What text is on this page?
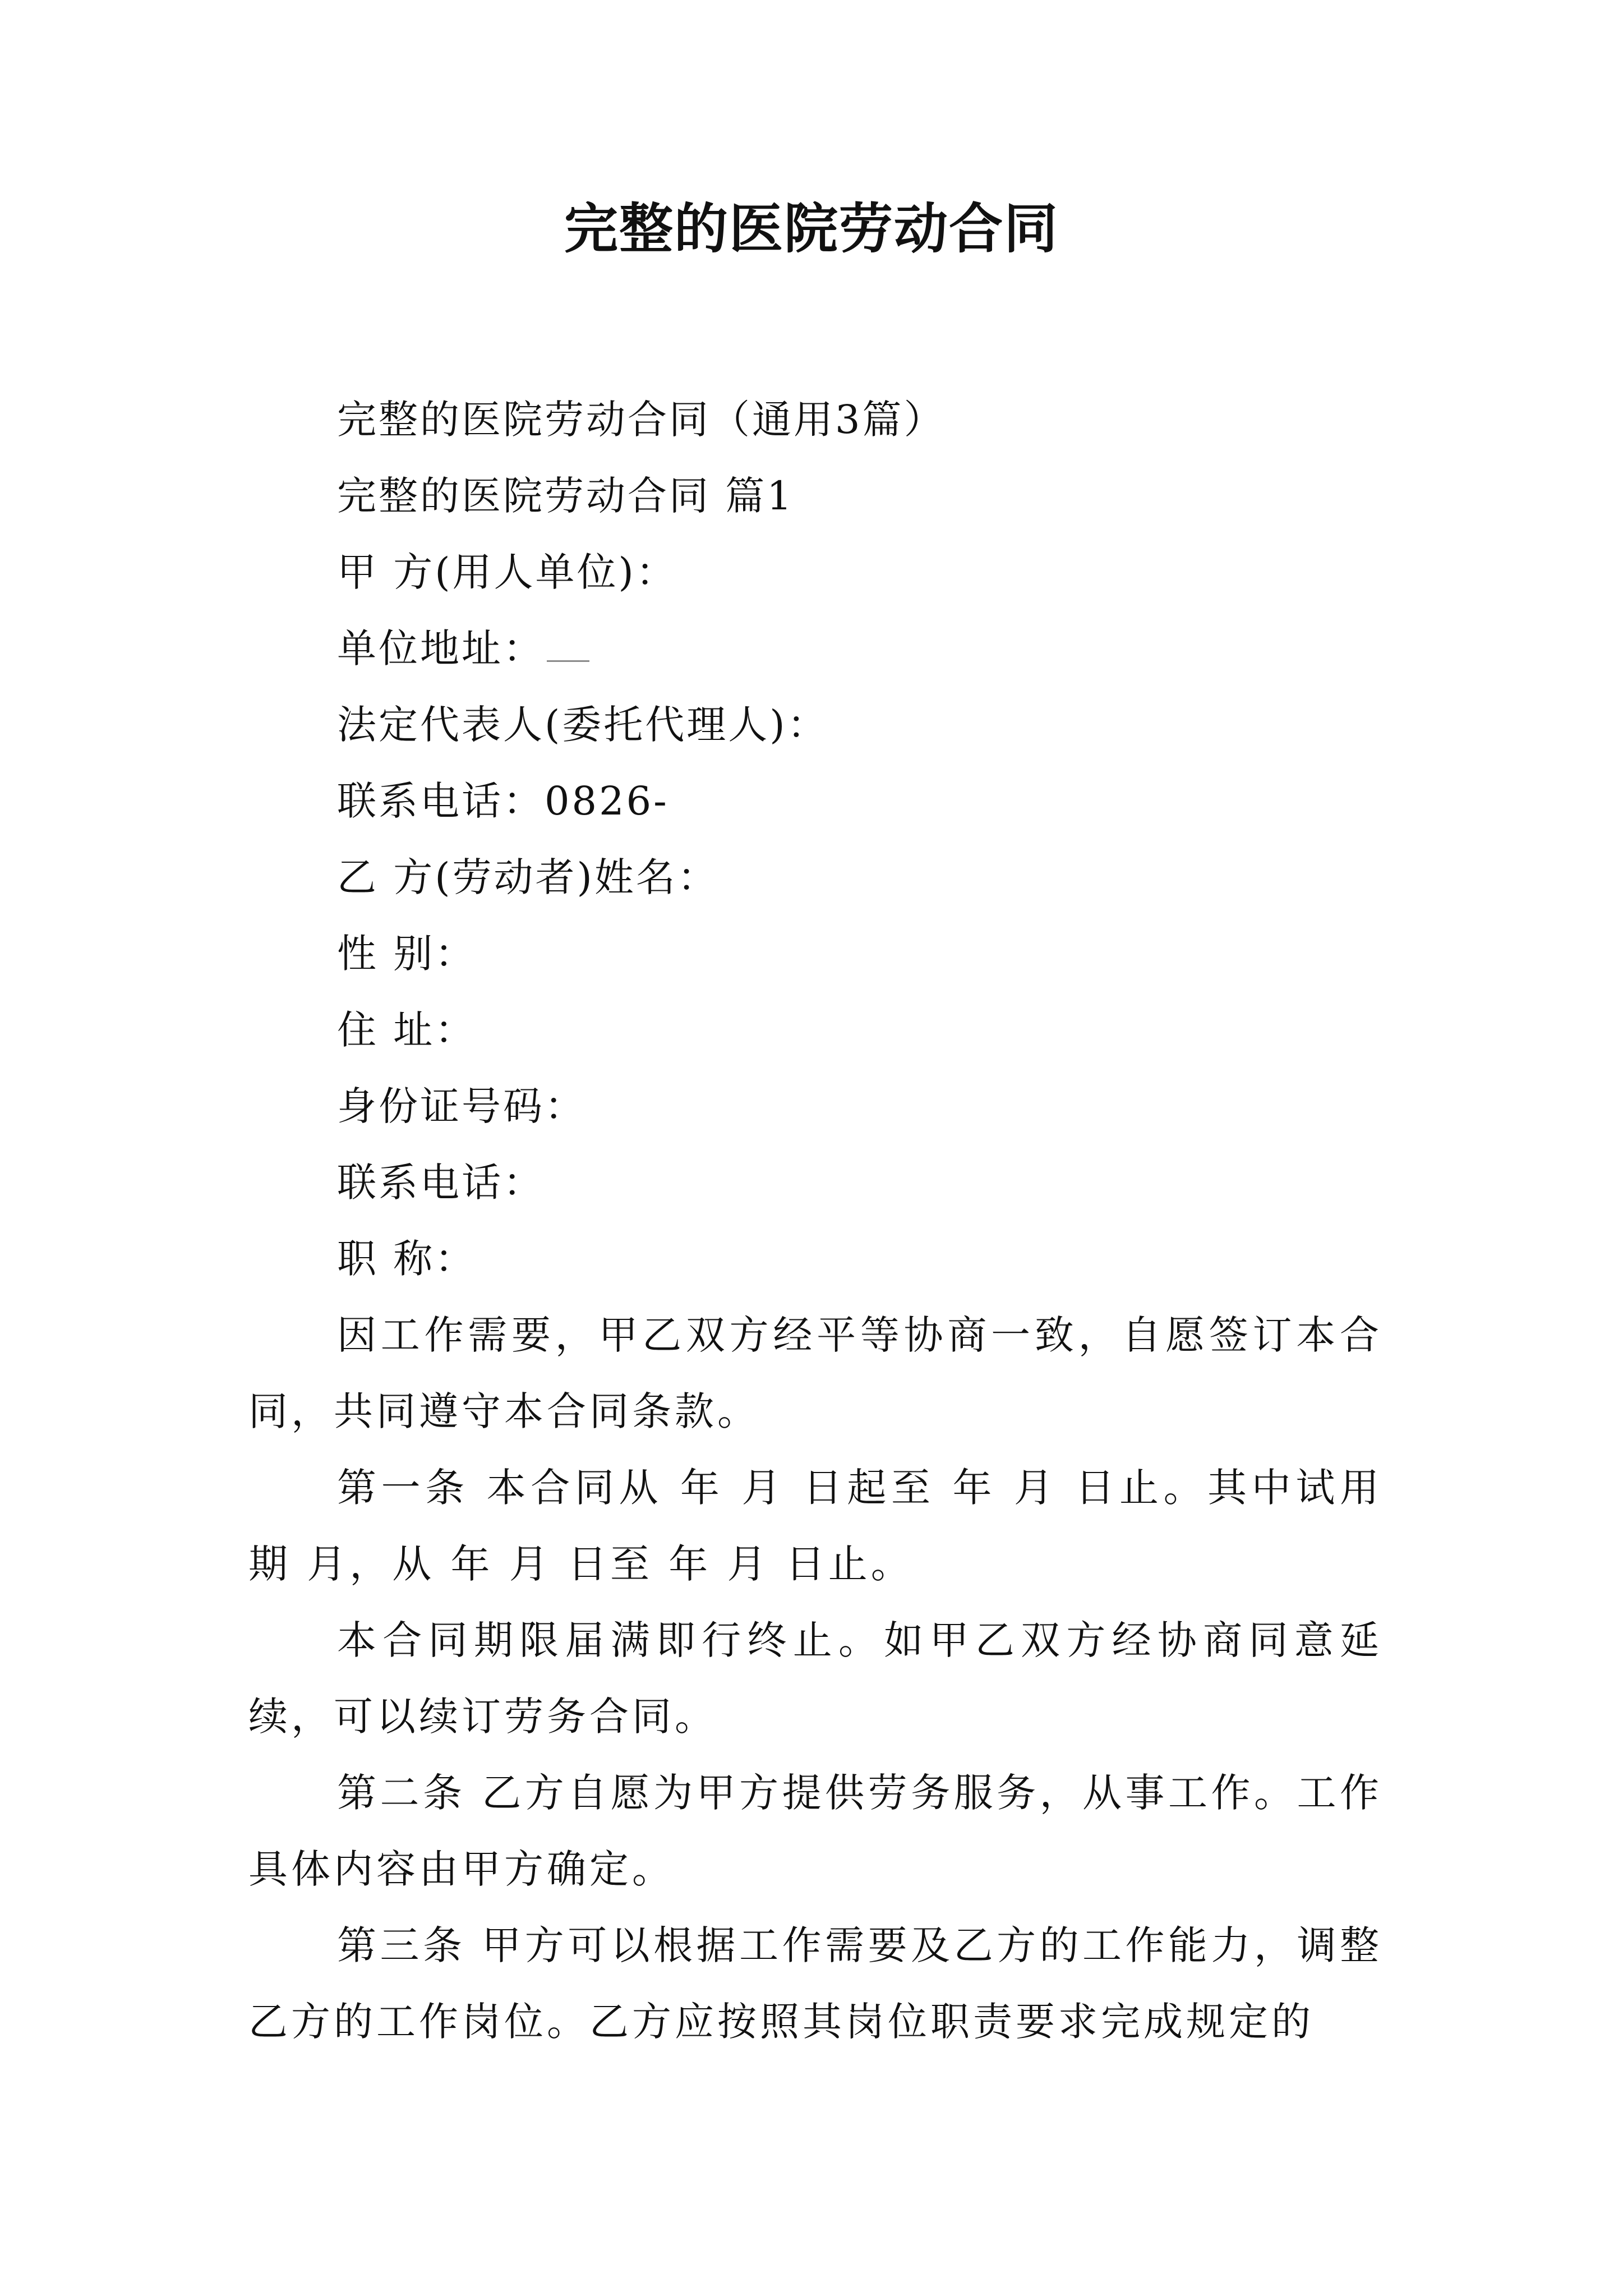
完整的医院劳动合同

完整的医院劳动合同（通用3篇）

完整的医院劳动合同 篇1

甲 方(用人单位)：

单位地址：

法定代表人(委托代理人)：

联系电话：0826-

乙 方(劳动者)姓名：

性 别：

住 址：

身份证号码：

联系电话：

职 称：

因工作需要，甲乙双方经平等协商一致，自愿签订本合同，共同遵守本合同条款。

第一条 本合同从 年 月 日起至 年 月 日止。其中试用期 月，从 年 月 日至 年 月 日止。

本合同期限届满即行终止。如甲乙双方经协商同意延续，可以续订劳务合同。

第二条 乙方自愿为甲方提供劳务服务，从事工作。工作具体内容由甲方确定。

第三条 甲方可以根据工作需要及乙方的工作能力，调整乙方的工作岗位。乙方应按照其岗位职责要求完成规定的
